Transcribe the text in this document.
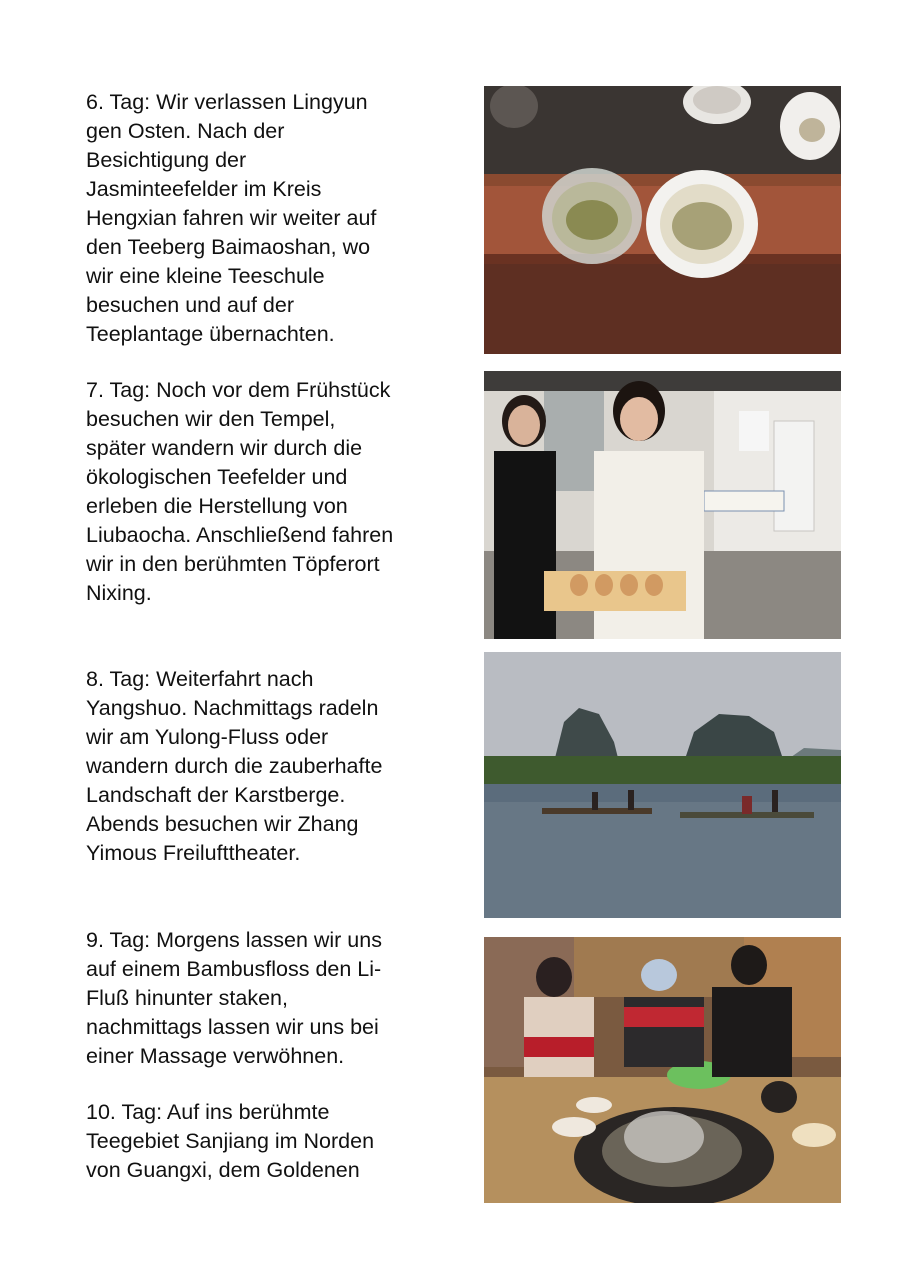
6. Tag: Wir verlassen Lingyun
gen Osten. Nach der
Besichtigung der
Jasminteefelder im Kreis
Hengxian fahren wir weiter auf
den Teeberg Baimaoshan, wo
wir eine kleine Teeschule
besuchen und auf der
Teeplantage übernachten.

7. Tag: Noch vor dem Frühstück
besuchen wir den Tempel,
später wandern wir durch die
ökologischen Teefelder und
erleben die Herstellung von
Liubaocha. Anschließend fahren
wir in den berühmten Töpferort
Nixing.

8. Tag: Weiterfahrt nach
Yangshuo. Nachmittags radeln
wir am Yulong-Fluss oder
wandern durch die zauberhafte
Landschaft der Karstberge.
Abends besuchen wir Zhang
Yimous Freilufttheater.

9. Tag: Morgens lassen wir uns
auf einem Bambusfloss den Li-
Fluß hinunter staken,
nachmittags lassen wir uns bei
einer Massage verwöhnen.

10. Tag: Auf ins berühmte
Teegebiet Sanjiang im Norden
von Guangxi, dem Goldenen
